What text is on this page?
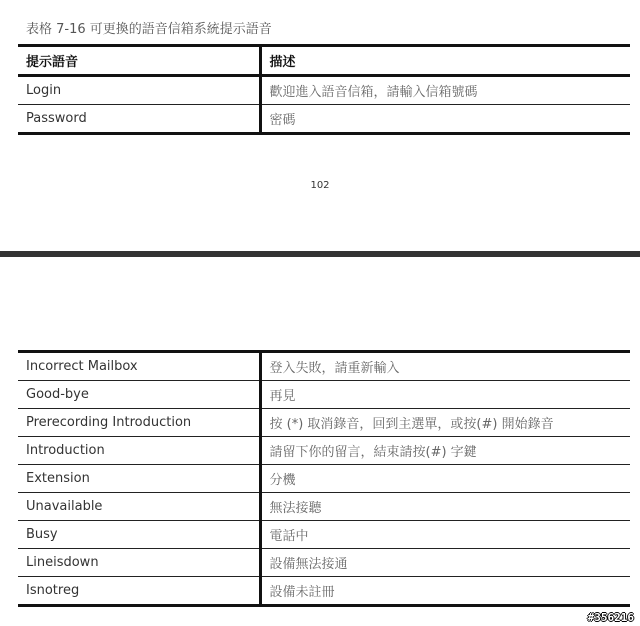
表格 7-16 可更換的語音信箱系統提示語音
提示語音	描述
Login	歡迎進入語音信箱，請輸入信箱號碼
Password	密碼
102
Incorrect Mailbox	登入失敗，請重新輸入
Good-bye	再見
Prerecording Introduction	按 (*) 取消錄音，回到主選單，或按(#) 開始錄音
Introduction	請留下你的留言，結束請按(#) 字鍵
Extension	分機
Unavailable	無法接聽
Busy	電話中
Lineisdown	設備無法接通
Isnotreg	設備未註冊
#356216
